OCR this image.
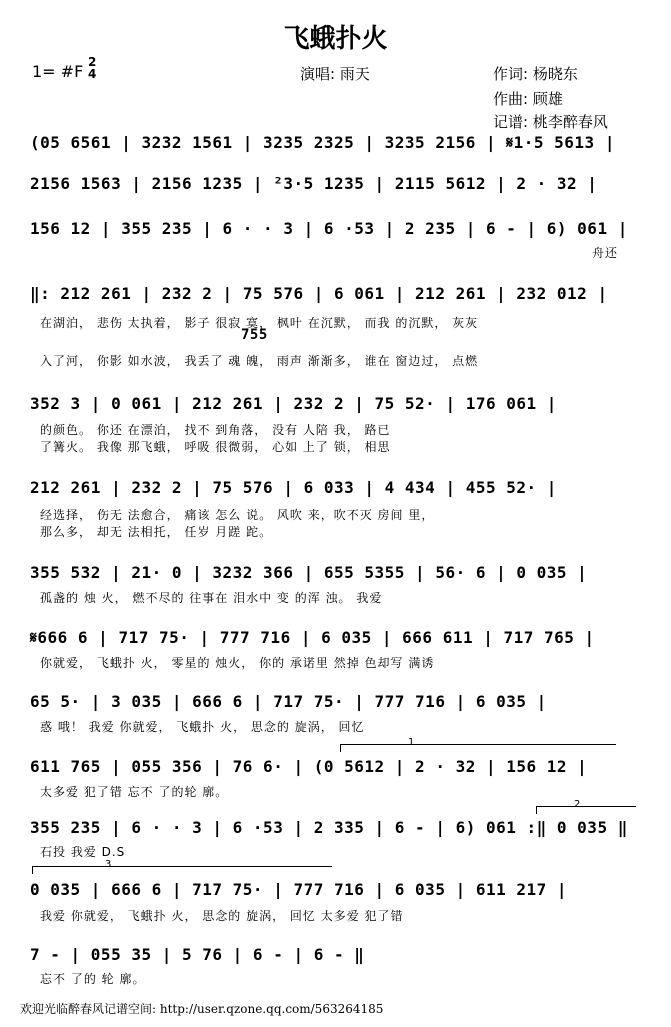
飞蛾扑火
1= #F 2
4	演唱: 雨天	作词: 杨晓东
作曲: 顾雄
记谱: 桃李醉春风
(05 6561 | 3232 1561 | 3235 2325 | 3235 2156 | 𝄋1·5 5613 |
2156 1563 | 2156 1235 | ²3·5 1235 | 2115 5612 | 2 · 32 |
156 12 | 355 235 | 6 · · 3 | 6 ·53 | 2 235 | 6 - | 6) 061 |
舟还
‖: 212 261 | 232 2 | 75 576 | 6 061 | 212 261 | 232 012 |
在湖泊， 悲伤 太执着， 影子 很寂 寞， 枫叶 在沉默， 而我 的沉默， 灰灰
755
入了河， 你影 如水波， 我丢了 魂 魄， 雨声 渐渐多， 谁在 窗边过， 点燃
352 3 | 0 061 | 212 261 | 232 2 | 75 52· | 176 061 |
的颜色。 你还 在漂泊， 找不 到角落， 没有 人陪 我， 路已
了篝火。 我像 那飞蛾， 呼吸 很微弱， 心如 上了 锁， 相思
212 261 | 232 2 | 75 576 | 6 033 | 4 434 | 455 52· |
经选择， 伤无 法愈合， 痛该 怎么 说。 风吹 来，吹不灭 房间 里，
那么多， 却无 法相托， 任岁 月蹉 跎。
355 532 | 21· 0 | 3232 366 | 655 5355 | 56· 6 | 0 035 |
孤盏的 烛 火， 燃不尽的 往事在 泪水中 变 的浑 浊。 我爱
𝄋666 6 | 717 75· | 777 716 | 6 035 | 666 611 | 717 765 |
你就爱， 飞蛾扑 火， 零星的 烛火， 你的 承诺里 然掉 色却写 满诱
65 5· | 3 035 | 666 6 | 717 75· | 777 716 | 6 035 |
惑 哦！ 我爱 你就爱， 飞蛾扑 火， 思念的 旋涡， 回忆
1
611 765 | 055 356 | 76 6· | (0 5612 | 2 · 32 | 156 12 |
太多爱 犯了错 忘不 了的轮 廓。
2
355 235 | 6 · · 3 | 6 ·53 | 2 335 | 6 - | 6) 061 :‖ 0 035 ‖
石投 我爱 D.S
3
0 035 | 666 6 | 717 75· | 777 716 | 6 035 | 611 217 |
我爱 你就爱， 飞蛾扑 火， 思念的 旋涡， 回忆 太多爱 犯了错
7 - | 055 35 | 5 76 | 6 - | 6 - ‖
忘不 了的 轮 廓。
欢迎光临醉春风记谱空间: http://user.qzone.qq.com/563264185
